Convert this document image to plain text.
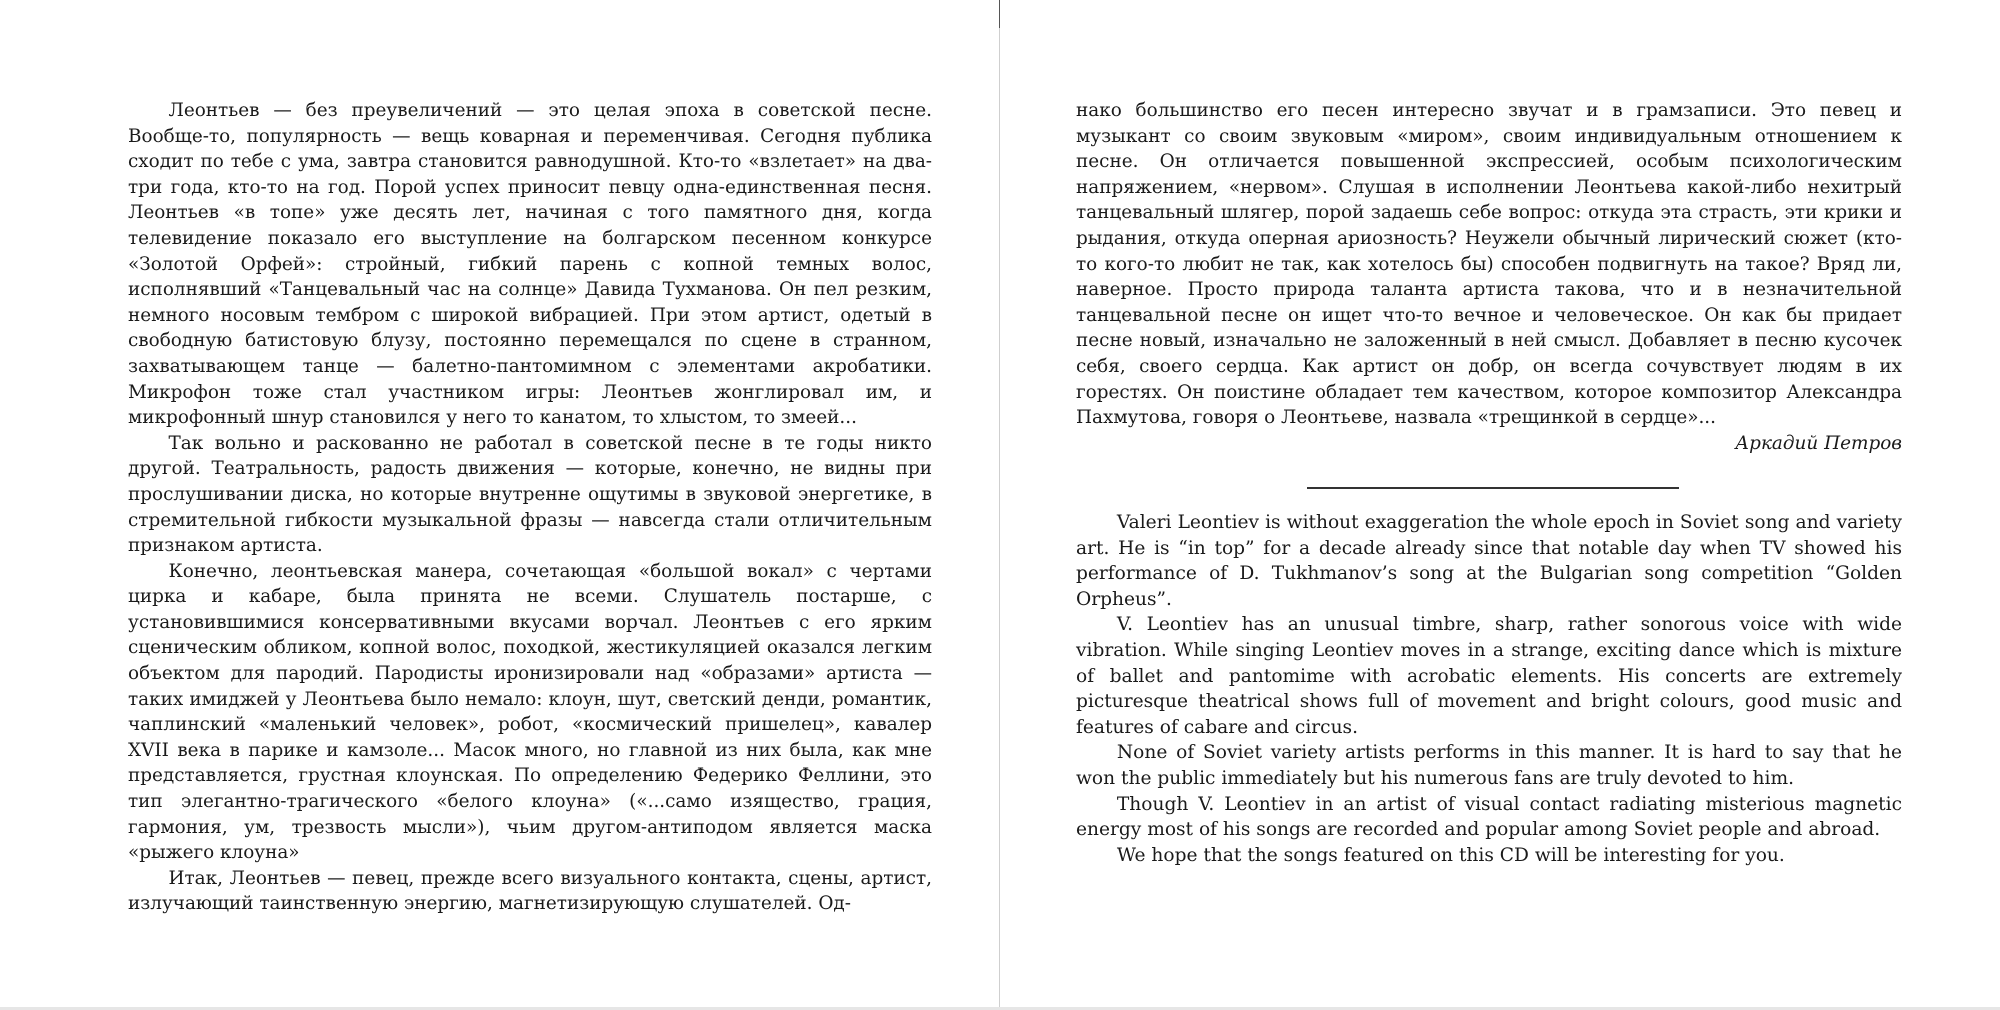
Леонтьев — без преувеличений — это целая эпоха в советской песне. Вообще-то, популярность — вещь коварная и переменчивая. Сегодня публика сходит по тебе с ума, завтра становится равнодушной. Кто-то «взлетает» на два-три года, кто-то на год. Порой успех приносит певцу одна-единственная песня. Леонтьев «в топе» уже десять лет, начиная с того памятного дня, когда телевидение показало его выступление на болгарском песенном конкурсе «Золотой Орфей»: стройный, гибкий парень с копной темных волос, исполнявший «Танцевальный час на солнце» Давида Тухманова. Он пел резким, немного носовым тембром с широкой вибрацией. При этом артист, одетый в свободную батистовую блузу, постоянно перемещался по сцене в странном, захватывающем танце — балетно-пантомимном с элементами акробатики. Микрофон тоже стал участником игры: Леонтьев жонглировал им, и микрофонный шнур становился у него то канатом, то хлыстом, то змеей...

Так вольно и раскованно не работал в советской песне в те годы никто другой. Театральность, радость движения — которые, конечно, не видны при прослушивании диска, но которые внутренне ощутимы в звуковой энергетике, в стремительной гибкости музыкальной фразы — навсегда стали отличительным признаком артиста.

Конечно, леонтьевская манера, сочетающая «большой вокал» с чертами цирка и кабаре, была принята не всеми. Слушатель постарше, с установившимися консервативными вкусами ворчал. Леонтьев с его ярким сценическим обликом, копной волос, походкой, жестикуляцией оказался легким объектом для пародий. Пародисты иронизировали над «образами» артиста — таких имиджей у Леонтьева было немало: клоун, шут, светский денди, романтик, чаплинский «маленький человек», робот, «космический пришелец», кавалер XVII века в парике и камзоле... Масок много, но главной из них была, как мне представляется, грустная клоунская. По определению Федерико Феллини, это тип элегантно-трагического «белого клоуна» («...само изящество, грация, гармония, ум, трезвость мысли»), чьим другом-антиподом является маска «рыжего клоуна»

Итак, Леонтьев — певец, прежде всего визуального контакта, сцены, артист, излучающий таинственную энергию, магнетизирующую слушателей. Од-

нако большинство его песен интересно звучат и в грамзаписи. Это певец и музыкант со своим звуковым «миром», своим индивидуальным отношением к песне. Он отличается повышенной экспрессией, особым психологическим напряжением, «нервом». Слушая в исполнении Леонтьева какой-либо нехитрый танцевальный шлягер, порой задаешь себе вопрос: откуда эта страсть, эти крики и рыдания, откуда оперная ариозность? Неужели обычный лирический сюжет (кто-то кого-то любит не так, как хотелось бы) способен подвигнуть на такое? Вряд ли, наверное. Просто природа таланта артиста такова, что и в незначительной танцевальной песне он ищет что-то вечное и человеческое. Он как бы придает песне новый, изначально не заложенный в ней смысл. Добавляет в песню кусочек себя, своего сердца. Как артист он добр, он всегда сочувствует людям в их горестях. Он поистине обладает тем качеством, которое композитор Александра Пахмутова, говоря о Леонтьеве, назвала «трещинкой в сердце»...

Аркадий Петров

Valeri Leontiev is without exaggeration the whole epoch in Soviet song and variety art. He is “in top” for a decade already since that notable day when TV showed his performance of D. Tukhmanov’s song at the Bulgarian song competition “Golden Orpheus”.

V. Leontiev has an unusual timbre, sharp, rather sonorous voice with wide vibration. While singing Leontiev moves in a strange, exciting dance which is mixture of ballet and pantomime with acrobatic elements. His concerts are extremely picturesque theatrical shows full of movement and bright colours, good music and features of cabare and circus.

None of Soviet variety artists performs in this manner. It is hard to say that he won the public immediately but his numerous fans are truly devoted to him.

Though V. Leontiev in an artist of visual contact radiating misterious magnetic energy most of his songs are recorded and popular among Soviet people and abroad.

We hope that the songs featured on this CD will be interesting for you.
